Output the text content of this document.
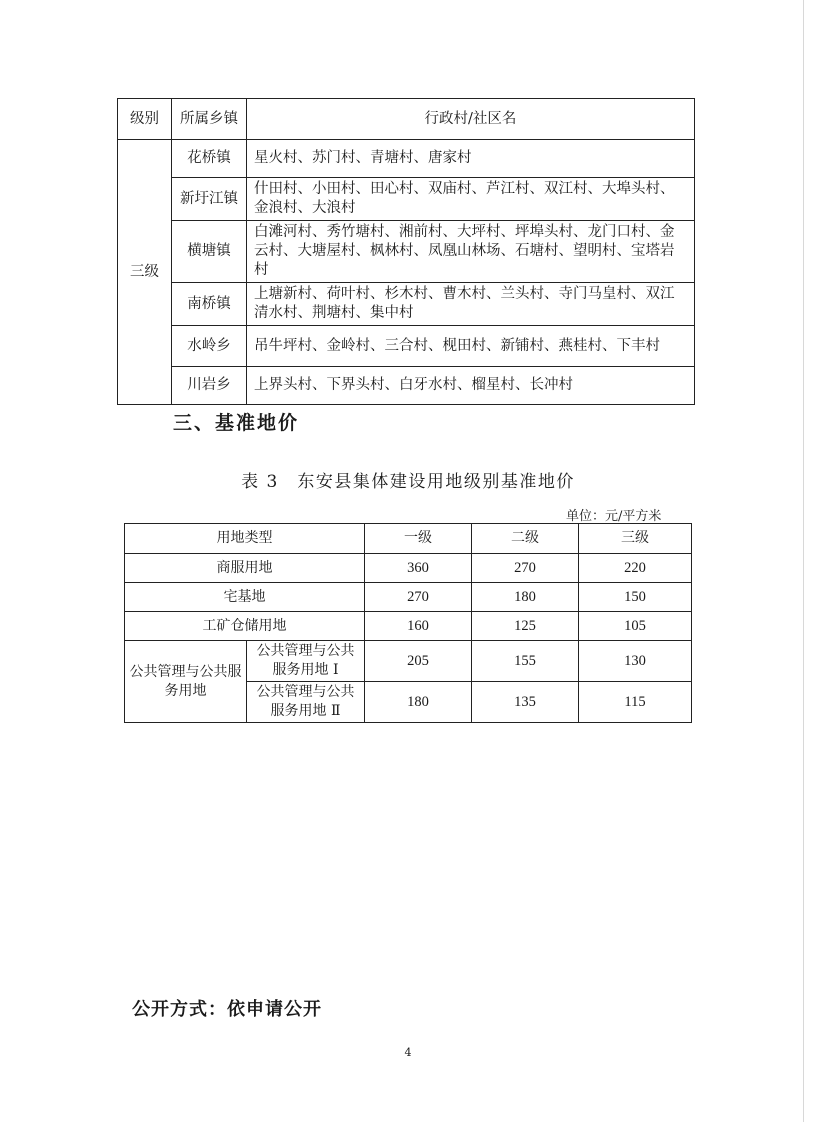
级别	所属乡镇	行政村/社区名
三级	花桥镇	星火村、苏门村、青塘村、唐家村
	新圩江镇	什田村、小田村、田心村、双庙村、芦江村、双江村、大埠头村、金浪村、大浪村
	横塘镇	白滩河村、秀竹塘村、湘前村、大坪村、坪埠头村、龙门口村、金云村、大塘屋村、枫林村、凤凰山林场、石塘村、望明村、宝塔岩村
	南桥镇	上塘新村、荷叶村、杉木村、曹木村、兰头村、寺门马皇村、双江清水村、荆塘村、集中村
	水岭乡	吊牛坪村、金岭村、三合村、枧田村、新铺村、燕桂村、下丰村
	川岩乡	上界头村、下界头村、白牙水村、榴星村、长冲村
三、基准地价
表 3　东安县集体建设用地级别基准地价
单位：元/平方米
用地类型		一级	二级	三级
商服用地		360	270	220
宅基地		270	180	150
工矿仓储用地		160	125	105
公共管理与公共服务用地	公共管理与公共服务用地 Ⅰ	205	155	130
	公共管理与公共服务用地 Ⅱ	180	135	115
公开方式：依申请公开
4
